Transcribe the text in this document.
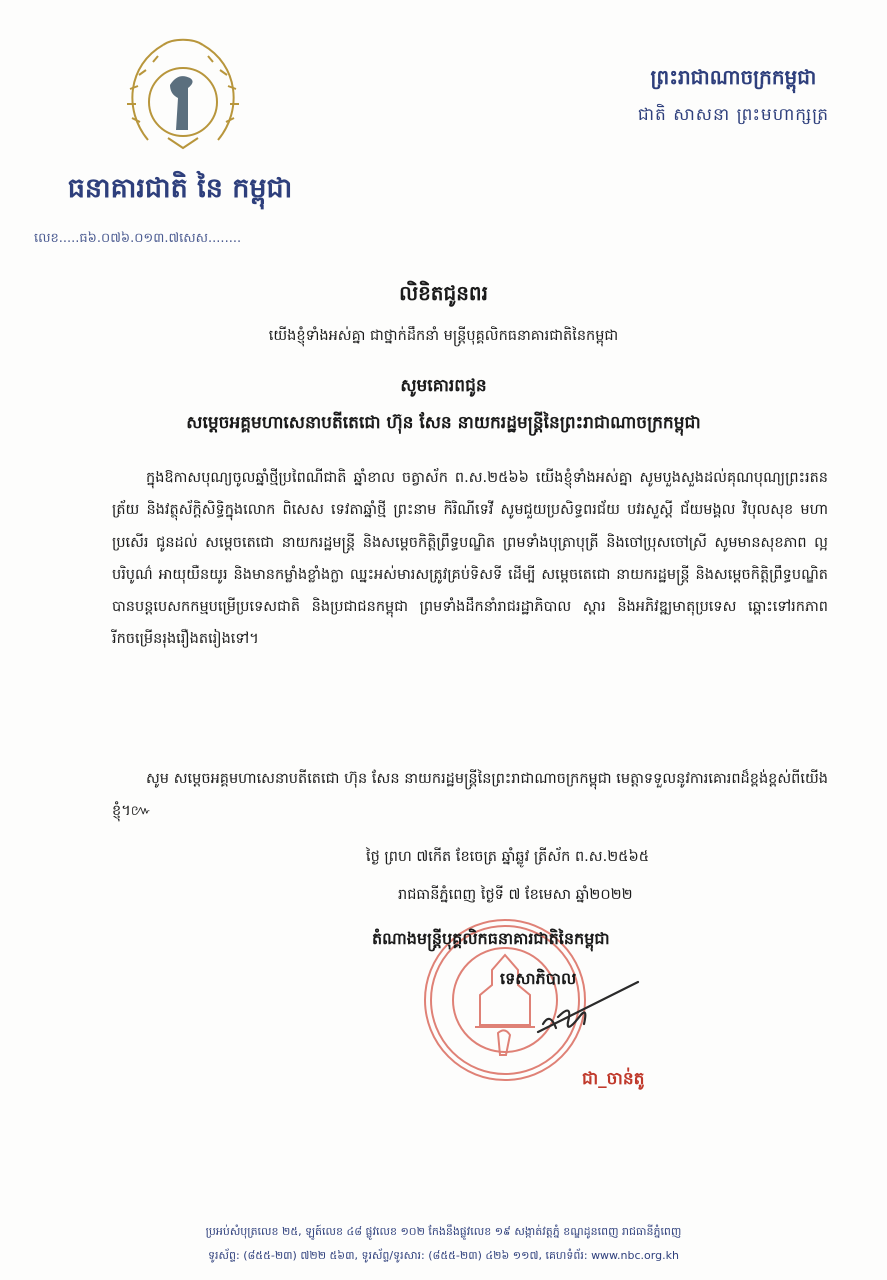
ធនាគារជាតិ នៃ កម្ពុជា
លេខ.....ធ៦.០៧៦.០១៣.៧សេស........
ព្រះរាជាណាចក្រកម្ពុជា
ជាតិ សាសនា ព្រះមហាក្សត្រ
លិខិតជូនពរ
យើងខ្ញុំទាំងអស់គ្នា ជាថ្នាក់ដឹកនាំ មន្ត្រីបុគ្គលិកធនាគារជាតិនៃកម្ពុជា
សូមគោរពជូន
សម្តេចអគ្គមហាសេនាបតីតេជោ ហ៊ុន សែន នាយករដ្ឋមន្ត្រីនៃព្រះរាជាណាចក្រកម្ពុជា
ក្នុងឱកាសបុណ្យចូលឆ្នាំថ្មីប្រពៃណីជាតិ ឆ្នាំខាល ចត្វាស័ក ព.ស.២៥៦៦ យើងខ្ញុំទាំងអស់គ្នា សូមបួងសួងដល់គុណបុណ្យព្រះរតនត្រ័យ និងវត្ថុស័ក្តិសិទ្ធិក្នុងលោក ពិសេស ទេវតាឆ្នាំថ្មី ព្រះនាម កិរិណីទេវី សូមជួយប្រសិទ្ធពរជ័យ បវរសួស្តី ជ័យមង្គល វិបុលសុខ មហាប្រសើរ ជូនដល់ សម្តេចតេជោ នាយករដ្ឋមន្ត្រី និងសម្តេចកិត្តិព្រឹទ្ធបណ្ឌិត ព្រមទាំងបុត្រាបុត្រី និងចៅប្រុសចៅស្រី សូមមានសុខភាព ល្អបរិបូណ៌ អាយុយឺនយូរ និងមានកម្លាំងខ្លាំងក្លា ឈ្នះអស់មារសត្រូវគ្រប់ទិសទី ដើម្បី សម្តេចតេជោ នាយករដ្ឋមន្ត្រី និងសម្តេចកិត្តិព្រឹទ្ធបណ្ឌិត បានបន្តបេសកកម្មបម្រើប្រទេសជាតិ និងប្រជាជនកម្ពុជា ព្រមទាំងដឹកនាំរាជរដ្ឋាភិបាល ស្តារ និងអភិវឌ្ឍមាតុប្រទេស ឆ្ពោះទៅរកភាពរីកចម្រើនរុងរឿងតរៀងទៅ។
សូម សម្តេចអគ្គមហាសេនាបតីតេជោ ហ៊ុន សែន នាយករដ្ឋមន្ត្រីនៃព្រះរាជាណាចក្រកម្ពុជា មេត្តាទទួលនូវការគោរពដ៏ខ្ពង់ខ្ពស់ពីយើងខ្ញុំ។៚
ថ្ងៃ ព្រហ ៧កើត ខែចេត្រ ឆ្នាំឆ្លូវ ត្រីស័ក ព.ស.២៥៦៥
រាជធានីភ្នំពេញ ថ្ងៃទី ៧ ខែមេសា ឆ្នាំ២០២២
តំណាងមន្ត្រីបុគ្គលិកធនាគារជាតិនៃកម្ពុជា
ទេសាភិបាល
ជា_ចាន់តូ
ប្រអប់សំបុត្រលេខ ២៥, ឡូត៍លេខ ៤៨ ផ្លូវលេខ ១០២ កែងនឹងផ្លូវលេខ ១៩ សង្កាត់វត្តភ្នំ ខណ្ឌដូនពេញ រាជធានីភ្នំពេញ
ទូរស័ព្ទ: (៨៥៥-២៣) ៧២២ ៥៦៣, ទូរស័ព្ទ/ទូរសារ: (៨៥៥-២៣) ៤២៦ ១១៧, គេហទំព័រ: www.nbc.org.kh
